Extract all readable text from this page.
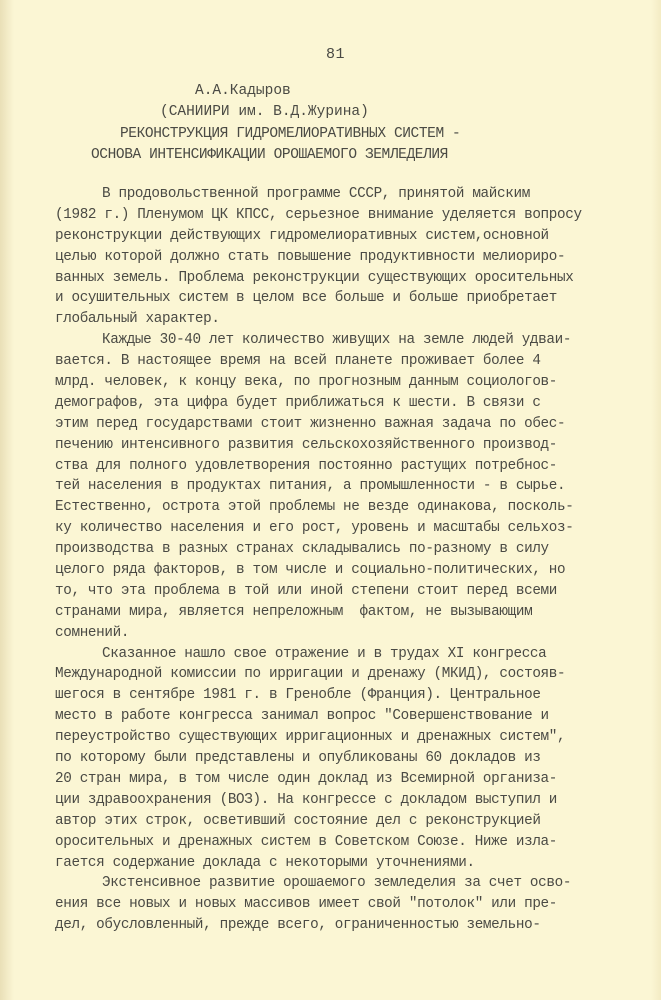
81
А.А.Кадыров
(САНИИРИ им. В.Д.Журина)
РЕКОНСТРУКЦИЯ ГИДРОМЕЛИОРАТИВНЫХ СИСТЕМ -
ОСНОВА ИНТЕНСИФИКАЦИИ ОРОШАЕМОГО ЗЕМЛЕДЕЛИЯ
В продовольственной программе СССР, принятой майским
(1982 г.) Пленумом ЦК КПСС, серьезное внимание уделяется вопросу
реконструкции действующих гидромелиоративных систем,основной
целью которой должно стать повышение продуктивности мелиориро-
ванных земель. Проблема реконструкции существующих оросительных
и осушительных систем в целом все больше и больше приобретает
глобальный характер.
Каждые 30-40 лет количество живущих на земле людей удваи-
вается. В настоящее время на всей планете проживает более 4
млрд. человек, к концу века, по прогнозным данным социологов-
демографов, эта цифра будет приближаться к шести. В связи с
этим перед государствами стоит жизненно важная задача по обес-
печению интенсивного развития сельскохозяйственного производ-
ства для полного удовлетворения постоянно растущих потребнос-
тей населения в продуктах питания, а промышленности - в сырье.
Естественно, острота этой проблемы не везде одинакова, посколь-
ку количество населения и его рост, уровень и масштабы сельхоз-
производства в разных странах складывались по-разному в силу
целого ряда факторов, в том числе и социально-политических, но
то, что эта проблема в той или иной степени стоит перед всеми
странами мира, является непреложным  фактом, не вызывающим
сомнений.
Сказанное нашло свое отражение и в трудах XI конгресса
Международной комиссии по ирригации и дренажу (МКИД), состояв-
шегося в сентябре 1981 г. в Гренобле (Франция). Центральное
место в работе конгресса занимал вопрос "Совершенствование и
переустройство существующих ирригационных и дренажных систем",
по которому были представлены и опубликованы 60 докладов из
20 стран мира, в том числе один доклад из Всемирной организа-
ции здравоохранения (ВОЗ). На конгрессе с докладом выступил и
автор этих строк, осветивший состояние дел с реконструкцией
оросительных и дренажных систем в Советском Союзе. Ниже изла-
гается содержание доклада с некоторыми уточнениями.
Экстенсивное развитие орошаемого земледелия за счет осво-
ения все новых и новых массивов имеет свой "потолок" или пре-
дел, обусловленный, прежде всего, ограниченностью земельно-
